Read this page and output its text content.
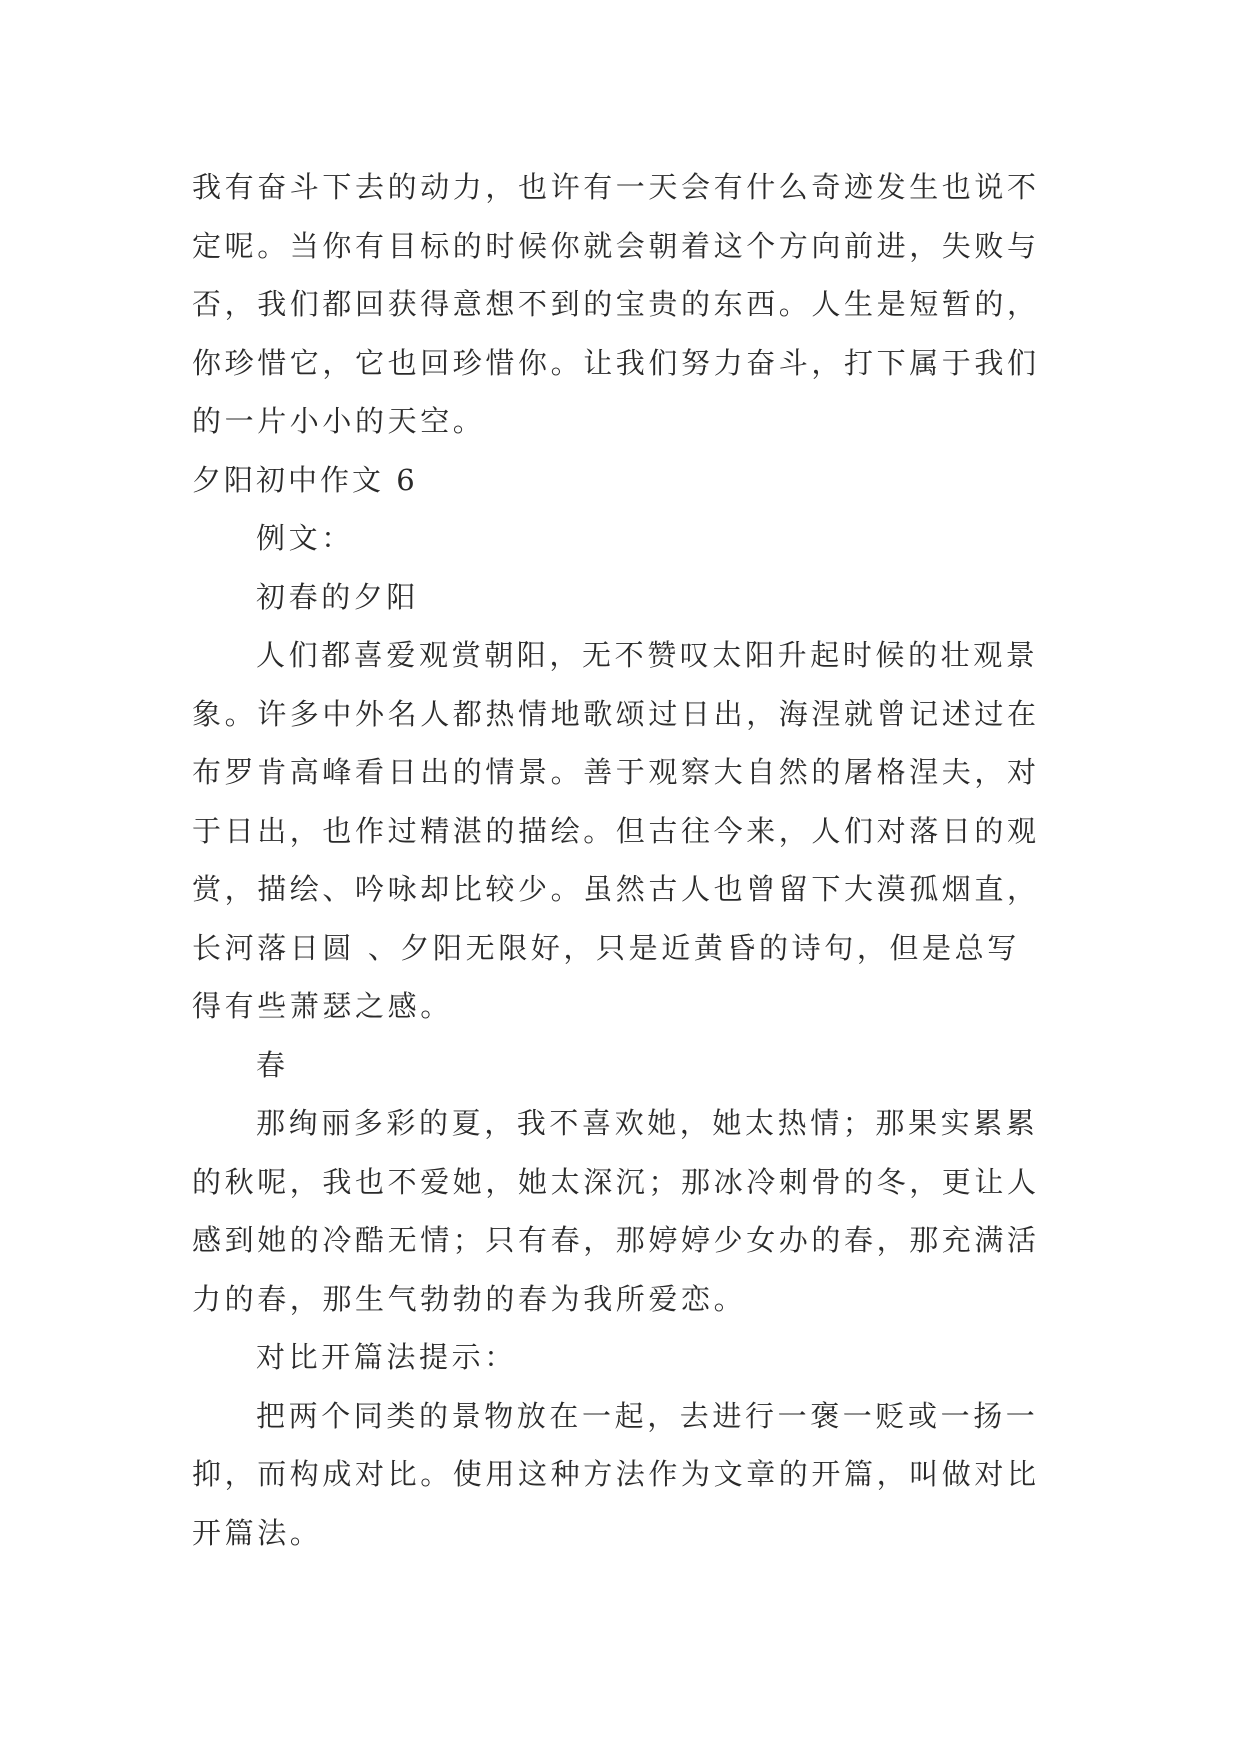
我有奋斗下去的动力，也许有一天会有什么奇迹发生也说不
定呢。当你有目标的时候你就会朝着这个方向前进，失败与
否，我们都回获得意想不到的宝贵的东西。人生是短暂的，
你珍惜它，它也回珍惜你。让我们努力奋斗，打下属于我们
的一片小小的天空。
夕阳初中作文 6
例文：
初春的夕阳
人们都喜爱观赏朝阳，无不赞叹太阳升起时候的壮观景
象。许多中外名人都热情地歌颂过日出，海涅就曾记述过在
布罗肯高峰看日出的情景。善于观察大自然的屠格涅夫，对
于日出，也作过精湛的描绘。但古往今来，人们对落日的观
赏，描绘、吟咏却比较少。虽然古人也曾留下大漠孤烟直，
长河落日圆 、夕阳无限好，只是近黄昏的诗句，但是总写
得有些萧瑟之感。
春
那绚丽多彩的夏，我不喜欢她，她太热情；那果实累累
的秋呢，我也不爱她，她太深沉；那冰冷刺骨的冬，更让人
感到她的冷酷无情；只有春，那婷婷少女办的春，那充满活
力的春，那生气勃勃的春为我所爱恋。
对比开篇法提示：
把两个同类的景物放在一起，去进行一褒一贬或一扬一
抑，而构成对比。使用这种方法作为文章的开篇，叫做对比
开篇法。
